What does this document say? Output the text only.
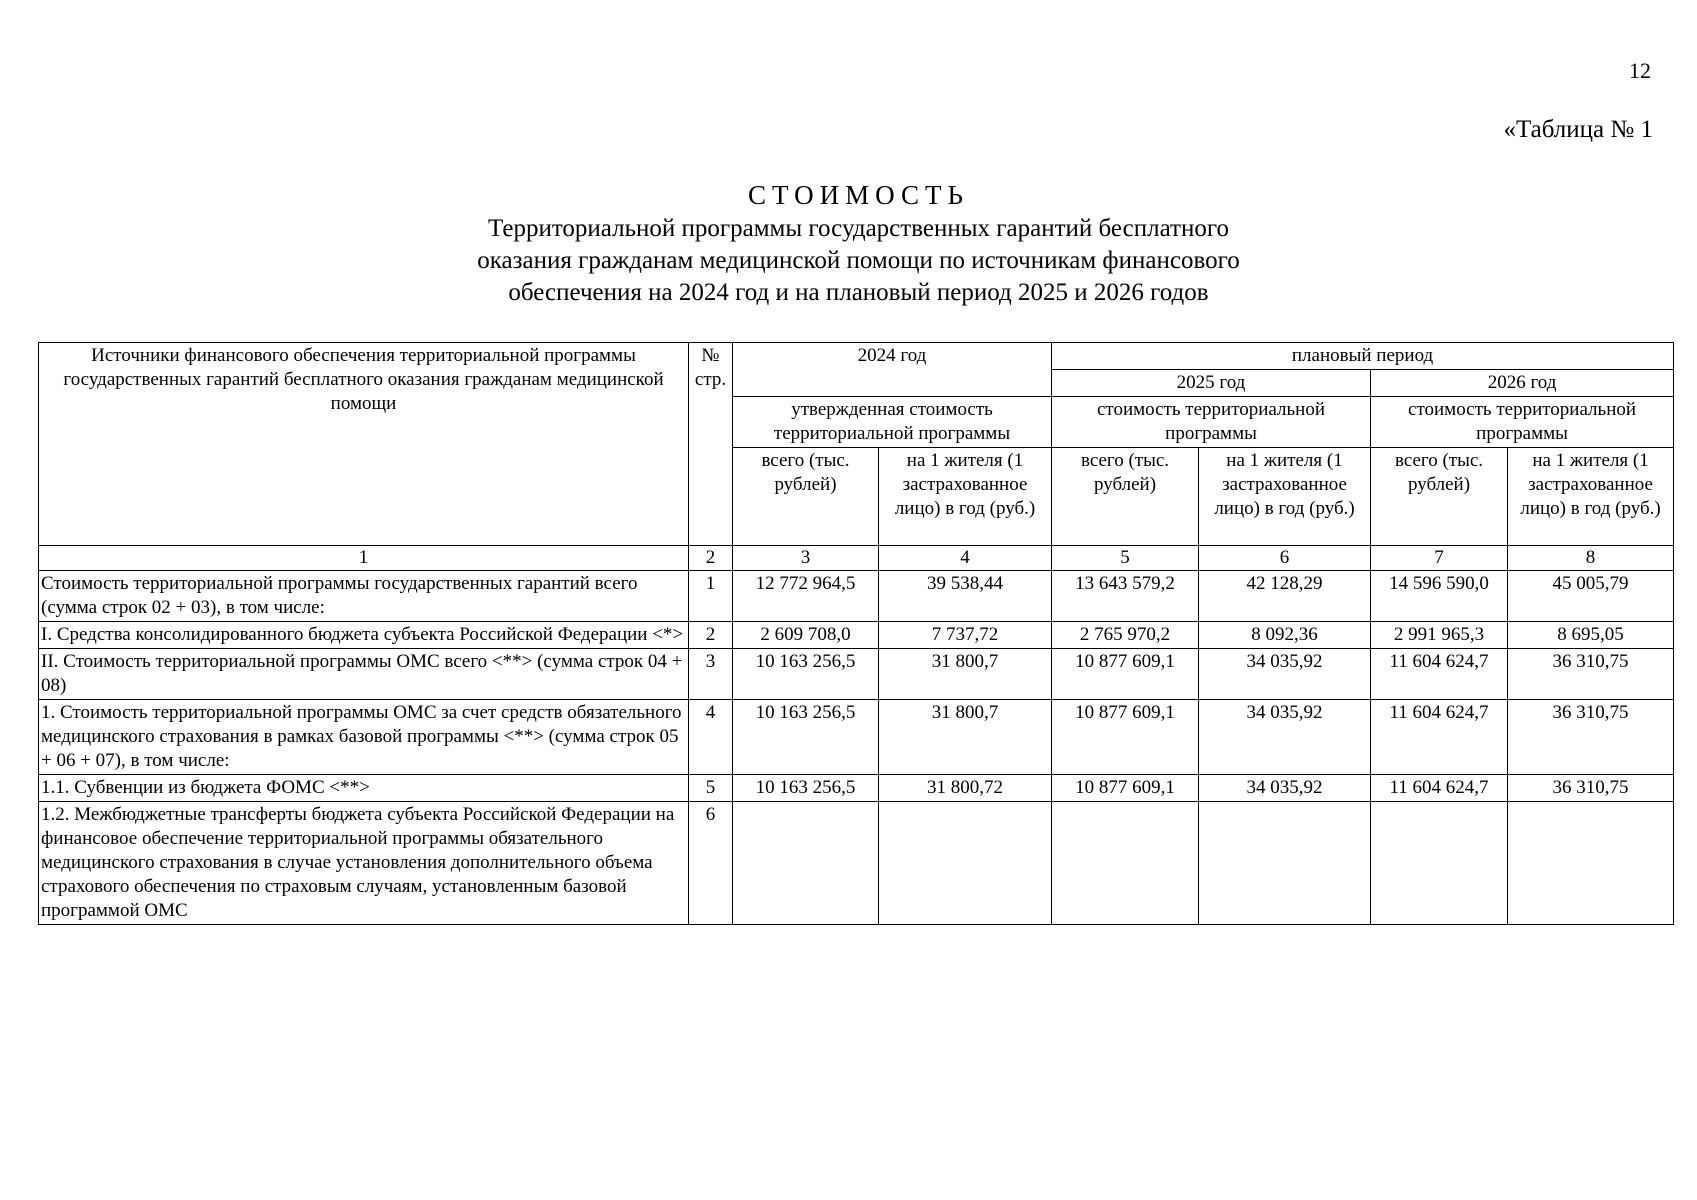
12
«Таблица № 1
СТОИМОСТЬ
Территориальной программы государственных гарантий бесплатного
оказания гражданам медицинской помощи по источникам финансового
обеспечения на 2024 год и на плановый период 2025 и 2026 годов
Источники финансового обеспечения территориальной программы государственных гарантий бесплатного оказания гражданам медицинской помощи	№ стр.	2024 год		плановый период			
				2025 год		2026 год	
		утвержденная стоимость территориальной программы		стоимость территориальной программы		стоимость территориальной программы	
		всего (тыс. рублей)	на 1 жителя (1 застрахованное лицо) в год (руб.)	всего (тыс. рублей)	на 1 жителя (1 застрахованное лицо) в год (руб.)	всего (тыс. рублей)	на 1 жителя (1 застрахованное лицо) в год (руб.)
1	2	3	4	5	6	7	8
Стоимость территориальной программы государственных гарантий всего (сумма строк 02 + 03), в том числе:	1	12 772 964,5	39 538,44	13 643 579,2	42 128,29	14 596 590,0	45 005,79
I. Средства консолидированного бюджета субъекта Российской Федерации <*>	2	2 609 708,0	7 737,72	2 765 970,2	8 092,36	2 991 965,3	8 695,05
II. Стоимость территориальной программы ОМС всего <**> (сумма строк 04 + 08)	3	10 163 256,5	31 800,7	10 877 609,1	34 035,92	11 604 624,7	36 310,75
1. Стоимость территориальной программы ОМС за счет средств обязательного медицинского страхования в рамках базовой программы <**> (сумма строк 05 + 06 + 07), в том числе:	4	10 163 256,5	31 800,7	10 877 609,1	34 035,92	11 604 624,7	36 310,75
1.1. Субвенции из бюджета ФОМС <**>	5	10 163 256,5	31 800,72	10 877 609,1	34 035,92	11 604 624,7	36 310,75
1.2. Межбюджетные трансферты бюджета субъекта Российской Федерации на финансовое обеспечение территориальной программы обязательного медицинского страхования в случае установления дополнительного объема страхового обеспечения по страховым случаям, установленным базовой программой ОМС	6						
